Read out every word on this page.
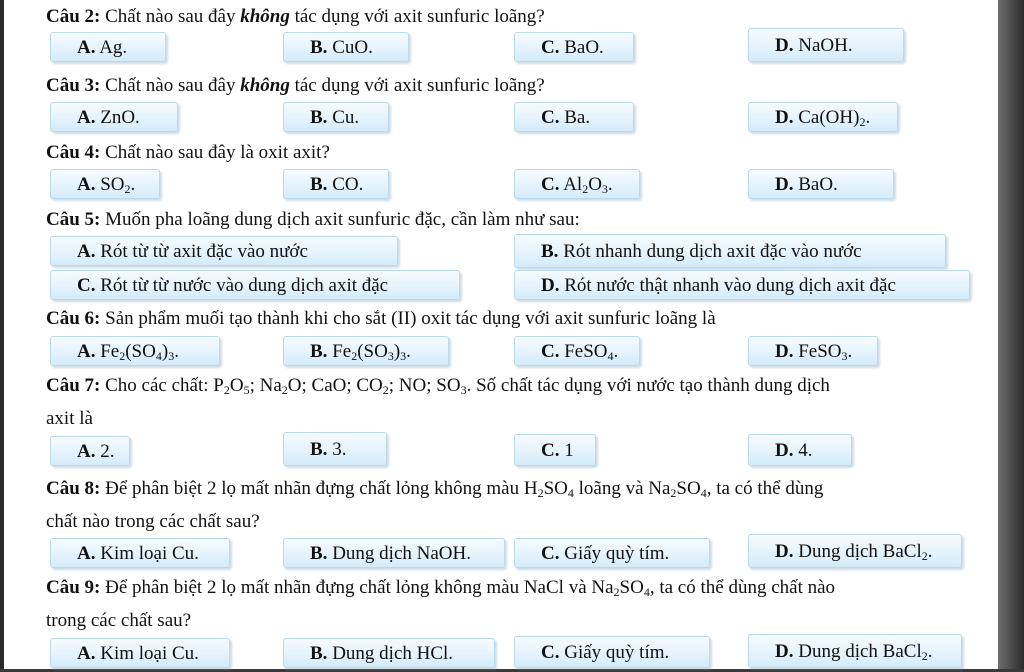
Câu 2: Chất nào sau đây không tác dụng với axit sunfuric loãng?
A. Ag.	B. CuO.	C. BaO.	D. NaOH.
Câu 3: Chất nào sau đây không tác dụng với axit sunfuric loãng?
A. ZnO.	B. Cu.	C. Ba.	D. $Ca(OH)_2$.
Câu 4: Chất nào sau đây là oxit axit?
A. $SO_2$.	B. CO.	C. $Al_2O_3$.	D. BaO.
Câu 5: Muốn pha loãng dung dịch axit sunfuric đặc, cần làm như sau:
A. Rót từ từ axit đặc vào nước	B. Rót nhanh dung dịch axit đặc vào nước
C. Rót từ từ nước vào dung dịch axit đặc	D. Rót nước thật nhanh vào dung dịch axit đặc
Câu 6: Sản phẩm muối tạo thành khi cho sắt (II) oxit tác dụng với axit sunfuric loãng là
A. $Fe_2(SO_4)_3$.	B. $Fe_2(SO_3)_3$.	C. FeSO$_4$.	D. FeSO$_3$.
Câu 7: Cho các chất: $P_2O_5$; $Na_2O$; CaO; $CO_2$; NO; $SO_3$. Số chất tác dụng với nước tạo thành dung dịch
axit là
A. 2.	B. 3.	C. 1	D. 4.
Câu 8: Để phân biệt 2 lọ mất nhãn đựng chất lỏng không màu $H_2SO_4$ loãng và $Na_2SO_4$, ta có thể dùng
chất nào trong các chất sau?
A. Kim loại Cu.	B. Dung dịch NaOH.	C. Giấy quỳ tím.	D. Dung dịch BaCl$_2$.
Câu 9: Để phân biệt 2 lọ mất nhãn đựng chất lỏng không màu NaCl và $Na_2SO_4$, ta có thể dùng chất nào
trong các chất sau?
A. Kim loại Cu.	B. Dung dịch HCl.	C. Giấy quỳ tím.	D. Dung dịch BaCl$_2$.
